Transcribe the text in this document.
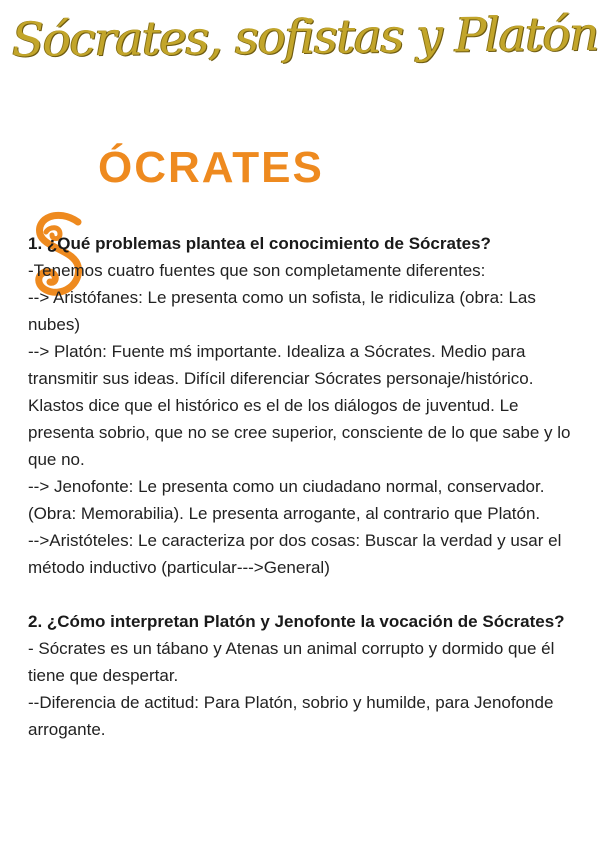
Sócrates, sofistas y Platón
ÓCRATES
1. ¿Qué problemas plantea el conocimiento de Sócrates?

-Tenemos cuatro fuentes que son completamente diferentes:

--> Aristófanes: Le presenta como un sofista, le ridiculiza (obra: Las nubes)

--> Platón: Fuente mś importante. Idealiza a Sócrates. Medio para transmitir sus ideas. Difícil diferenciar Sócrates personaje/histórico. Klastos dice que el histórico es el de los diálogos de juventud. Le presenta sobrio, que no se cree superior, consciente de lo que sabe y lo que no.

--> Jenofonte: Le presenta como un ciudadano normal, conservador. (Obra: Memorabilia). Le presenta arrogante, al contrario que Platón.

-->Aristóteles: Le caracteriza por dos cosas: Buscar la verdad y usar el método inductivo (particular--->General)

2. ¿Cómo interpretan Platón y Jenofonte la vocación de Sócrates?

- Sócrates es un tábano y Atenas un animal corrupto y dormido que él tiene que despertar.

--Diferencia de actitud: Para Platón, sobrio y humilde, para Jenofonde arrogante.
